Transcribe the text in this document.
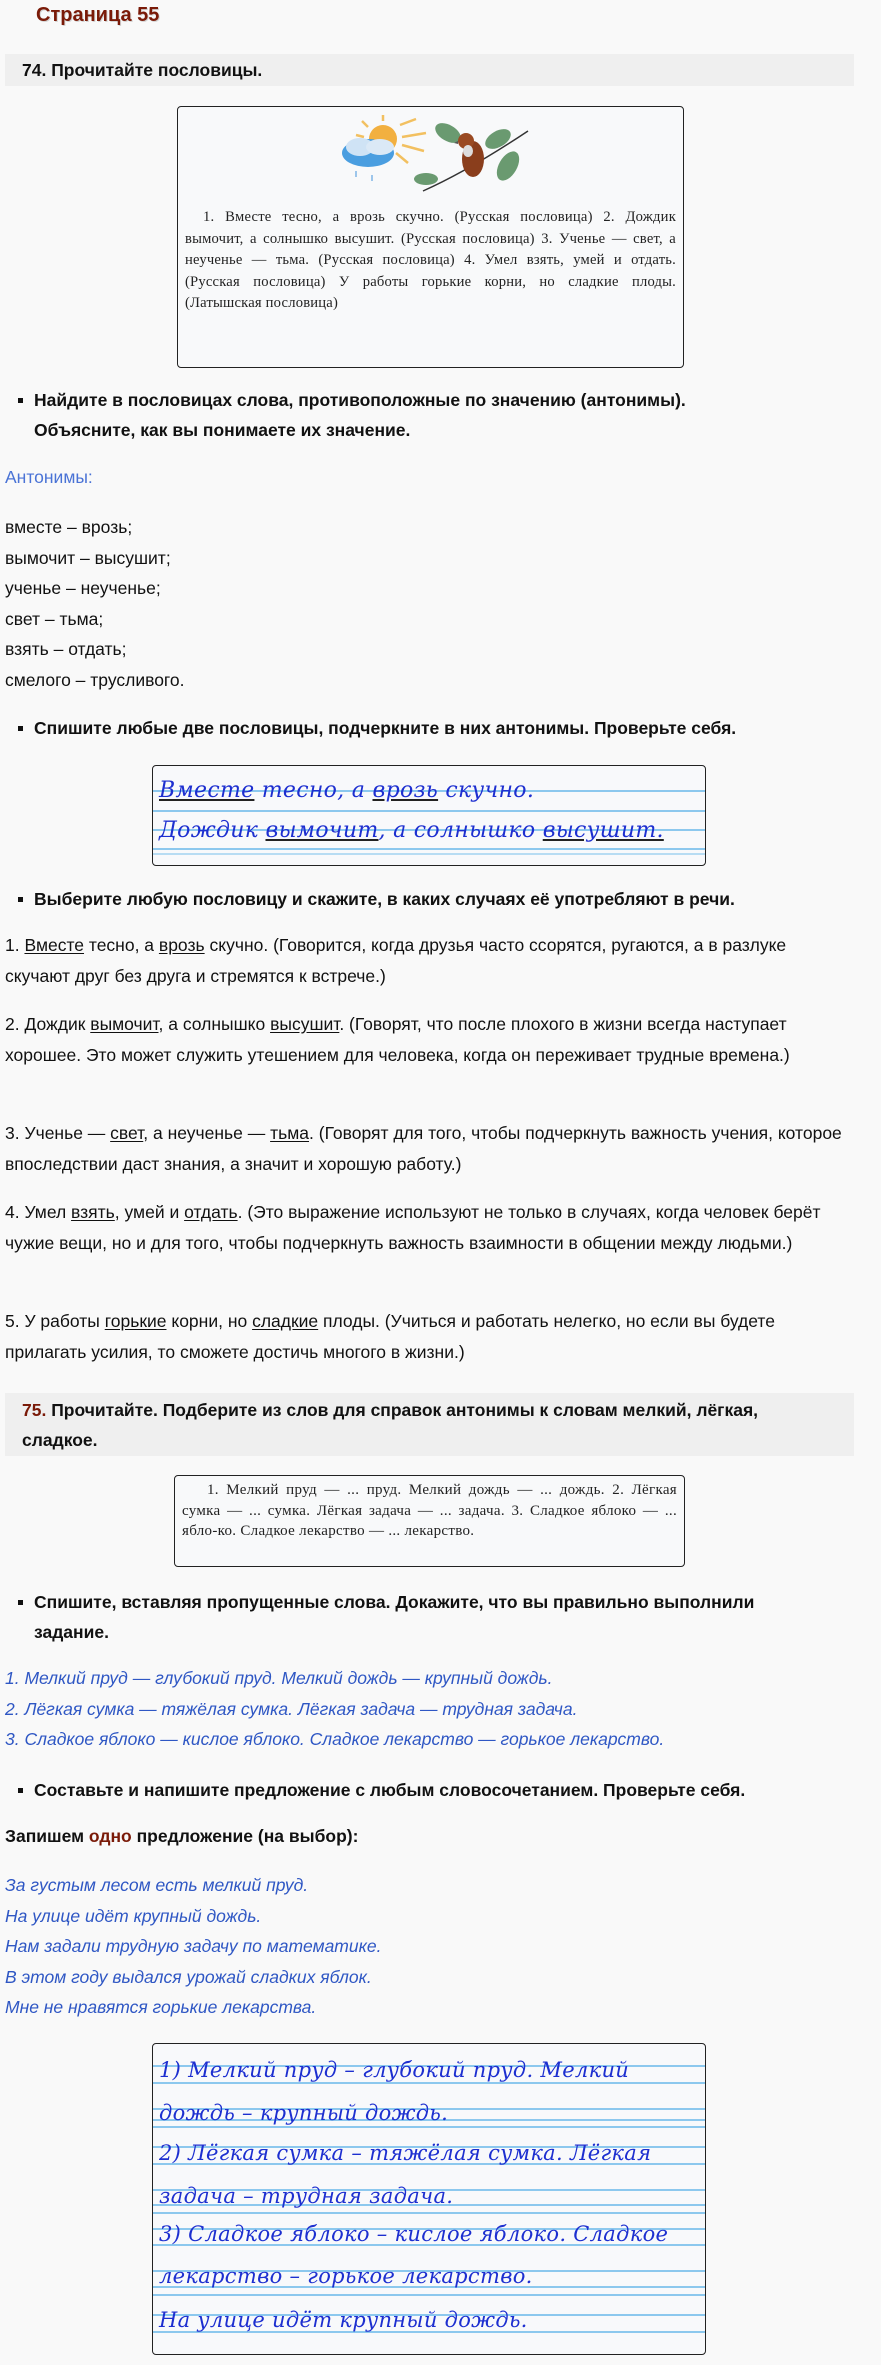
Страница 55
74. Прочитайте пословицы.
1. Вместе тесно, а врозь скучно. (Русская пословица) 2. Дождик вымочит, а солнышко высушит. (Русская пословица) 3. Ученье — свет, а неученье — тьма. (Русская пословица) 4. Умел взять, умей и отдать. (Русская пословица) У работы горькие корни, но сладкие плоды. (Латышская пословица)
Найдите в пословицах слова, противоположные по значению (антонимы).
Объясните, как вы понимаете их значение.
Антонимы:
вместе – врозь;
вымочит – высушит;
ученье – неученье;
свет – тьма;
взять – отдать;
смелого – трусливого.
Спишите любые две пословицы, подчеркните в них антонимы. Проверьте себя.
Вместе тесно, а врозь скучно.
Дождик вымочит, а солнышко высушит.
Выберите любую пословицу и скажите, в каких случаях её употребляют в речи.
1. Вместе тесно, а врозь скучно. (Говорится, когда друзья часто ссорятся, ругаются, а в разлуке скучают друг без друга и стремятся к встрече.)
2. Дождик вымочит, а солнышко высушит. (Говорят, что после плохого в жизни всегда наступает хорошее. Это может служить утешением для человека, когда он переживает трудные времена.)
3. Ученье — свет, а неученье — тьма. (Говорят для того, чтобы подчеркнуть важность учения, которое впоследствии даст знания, а значит и хорошую работу.)
4. Умел взять, умей и отдать. (Это выражение используют не только в случаях, когда человек берёт чужие вещи, но и для того, чтобы подчеркнуть важность взаимности в общении между людьми.)
5. У работы горькие корни, но сладкие плоды. (Учиться и работать нелегко, но если вы будете прилагать усилия, то сможете достичь многого в жизни.)
75. Прочитайте. Подберите из слов для справок антонимы к словам мелкий, лёгкая, сладкое.
1. Мелкий пруд — ... пруд. Мелкий дождь — ... дождь. 2. Лёгкая сумка — ... сумка. Лёгкая задача — ... задача. 3. Сладкое яблоко — ... ябло-ко. Сладкое лекарство — ... лекарство.
Спишите, вставляя пропущенные слова. Докажите, что вы правильно выполнили
задание.
1. Мелкий пруд — глубокий пруд. Мелкий дождь — крупный дождь.
2. Лёгкая сумка — тяжёлая сумка. Лёгкая задача — трудная задача.
3. Сладкое яблоко — кислое яблоко. Сладкое лекарство — горькое лекарство.
Составьте и напишите предложение с любым словосочетанием. Проверьте себя.
Запишем одно предложение (на выбор):
За густым лесом есть мелкий пруд.
На улице идёт крупный дождь.
Нам задали трудную задачу по математике.
В этом году выдался урожай сладких яблок.
Мне не нравятся горькие лекарства.
1) Мелкий пруд – глубокий пруд. Мелкий
дождь – крупный дождь.
2) Лёгкая сумка – тяжёлая сумка. Лёгкая
задача – трудная задача.
3) Сладкое яблоко – кислое яблоко. Сладкое
лекарство – горькое лекарство.
На улице идёт крупный дождь.
